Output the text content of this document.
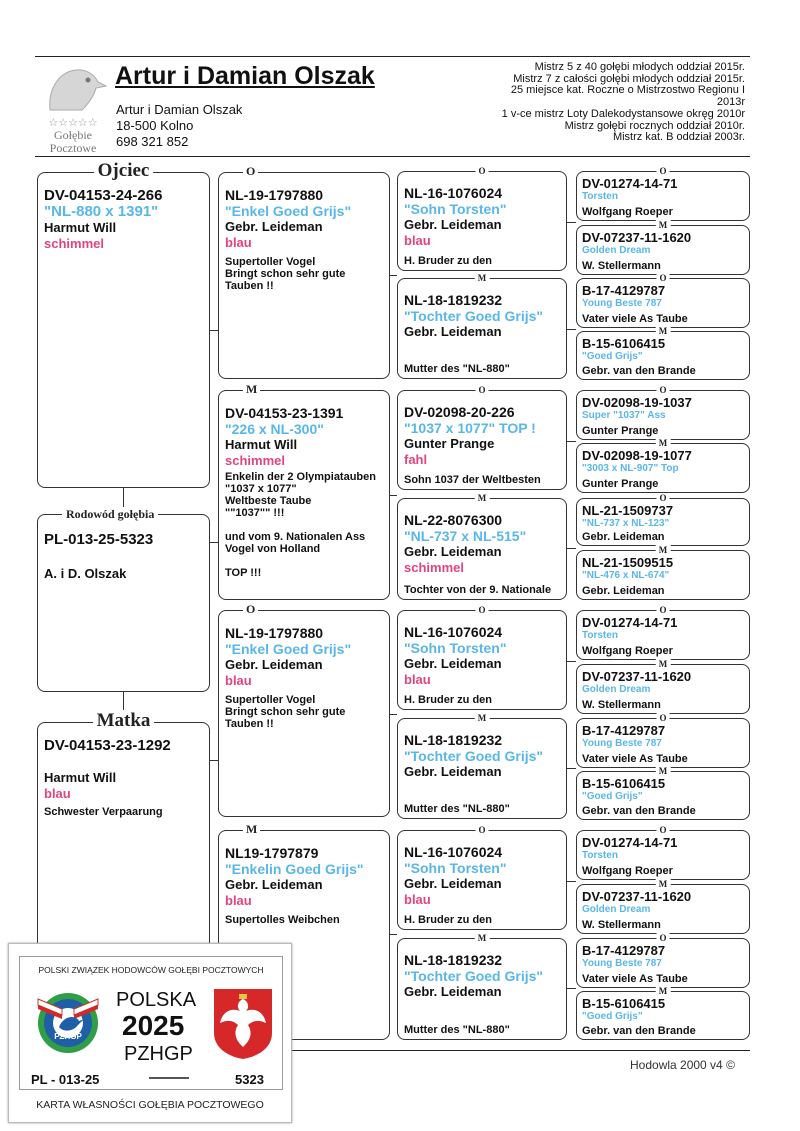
☆☆☆☆☆
Gołębie
Pocztowe
Artur i Damian Olszak
Artur i Damian Olszak
18-500 Kolno
698 321 852
Mistrz 5 z 40 gołębi młodych oddział 2015r.
Mistrz 7 z całości gołębi młodych oddział 2015r.
25 miejsce kat. Roczne o Mistrzostwo Regionu I
2013r
1 v-ce mistrz Loty Dalekodystansowe okręg 2010r
Mistrz gołębi rocznych oddział 2010r.
Mistrz kat. B oddział 2003r.
Ojciec
DV-04153-24-266
"NL-880 x 1391"
Harmut Will
schimmel
Rodowód gołębia
PL-013-25-5323
A. i D. Olszak
Matka
DV-04153-23-1292
Harmut Will
blau
Schwester Verpaarung
O
NL-19-1797880
"Enkel Goed Grijs"
Gebr. Leideman
blau
Supertoller Vogel
Bringt schon sehr gute
Tauben !!
M
DV-04153-23-1391
"226 x NL-300"
Harmut Will
schimmel
Enkelin der 2 Olympiatauben
"1037 x 1077"
Weltbeste Taube
""1037"" !!!
und vom 9. Nationalen Ass
Vogel von Holland
TOP !!!
O
NL-19-1797880
"Enkel Goed Grijs"
Gebr. Leideman
blau
Supertoller Vogel
Bringt schon sehr gute
Tauben !!
M
NL19-1797879
"Enkelin Goed Grijs"
Gebr. Leideman
blau
Supertolles Weibchen
O
NL-16-1076024
"Sohn Torsten"
Gebr. Leideman
blau
H. Bruder zu den
M
NL-18-1819232
"Tochter Goed Grijs"
Gebr. Leideman
Mutter des "NL-880"
O
DV-02098-20-226
"1037 x 1077" TOP !
Gunter Prange
fahl
Sohn 1037 der Weltbesten
M
NL-22-8076300
"NL-737 x NL-515"
Gebr. Leideman
schimmel
Tochter von der 9. Nationale
O
NL-16-1076024
"Sohn Torsten"
Gebr. Leideman
blau
H. Bruder zu den
M
NL-18-1819232
"Tochter Goed Grijs"
Gebr. Leideman
Mutter des "NL-880"
O
NL-16-1076024
"Sohn Torsten"
Gebr. Leideman
blau
H. Bruder zu den
M
NL-18-1819232
"Tochter Goed Grijs"
Gebr. Leideman
Mutter des "NL-880"
O
DV-01274-14-71
Torsten
Wolfgang Roeper
M
DV-07237-11-1620
Golden Dream
W. Stellermann
O
B-17-4129787
Young Beste 787
Vater viele As Taube
M
B-15-6106415
"Goed Grijs"
Gebr. van den Brande
O
DV-02098-19-1037
Super "1037" Ass
Gunter Prange
M
DV-02098-19-1077
"3003 x NL-907" Top
Gunter Prange
O
NL-21-1509737
"NL-737 x NL-123"
Gebr. Leideman
M
NL-21-1509515
"NL-476 x NL-674"
Gebr. Leideman
O
DV-01274-14-71
Torsten
Wolfgang Roeper
M
DV-07237-11-1620
Golden Dream
W. Stellermann
O
B-17-4129787
Young Beste 787
Vater viele As Taube
M
B-15-6106415
"Goed Grijs"
Gebr. van den Brande
O
DV-01274-14-71
Torsten
Wolfgang Roeper
M
DV-07237-11-1620
Golden Dream
W. Stellermann
O
B-17-4129787
Young Beste 787
Vater viele As Taube
M
B-15-6106415
"Goed Grijs"
Gebr. van den Brande
Hodowla 2000 v4 ©
POLSKI ZWIĄZEK HODOWCÓW GOŁĘBI POCZTOWYCH
PZHGP
POLSKA
2025
PZHGP
PL - 013-25	5323
KARTA WŁASNOŚCI GOŁĘBIA POCZTOWEGO
